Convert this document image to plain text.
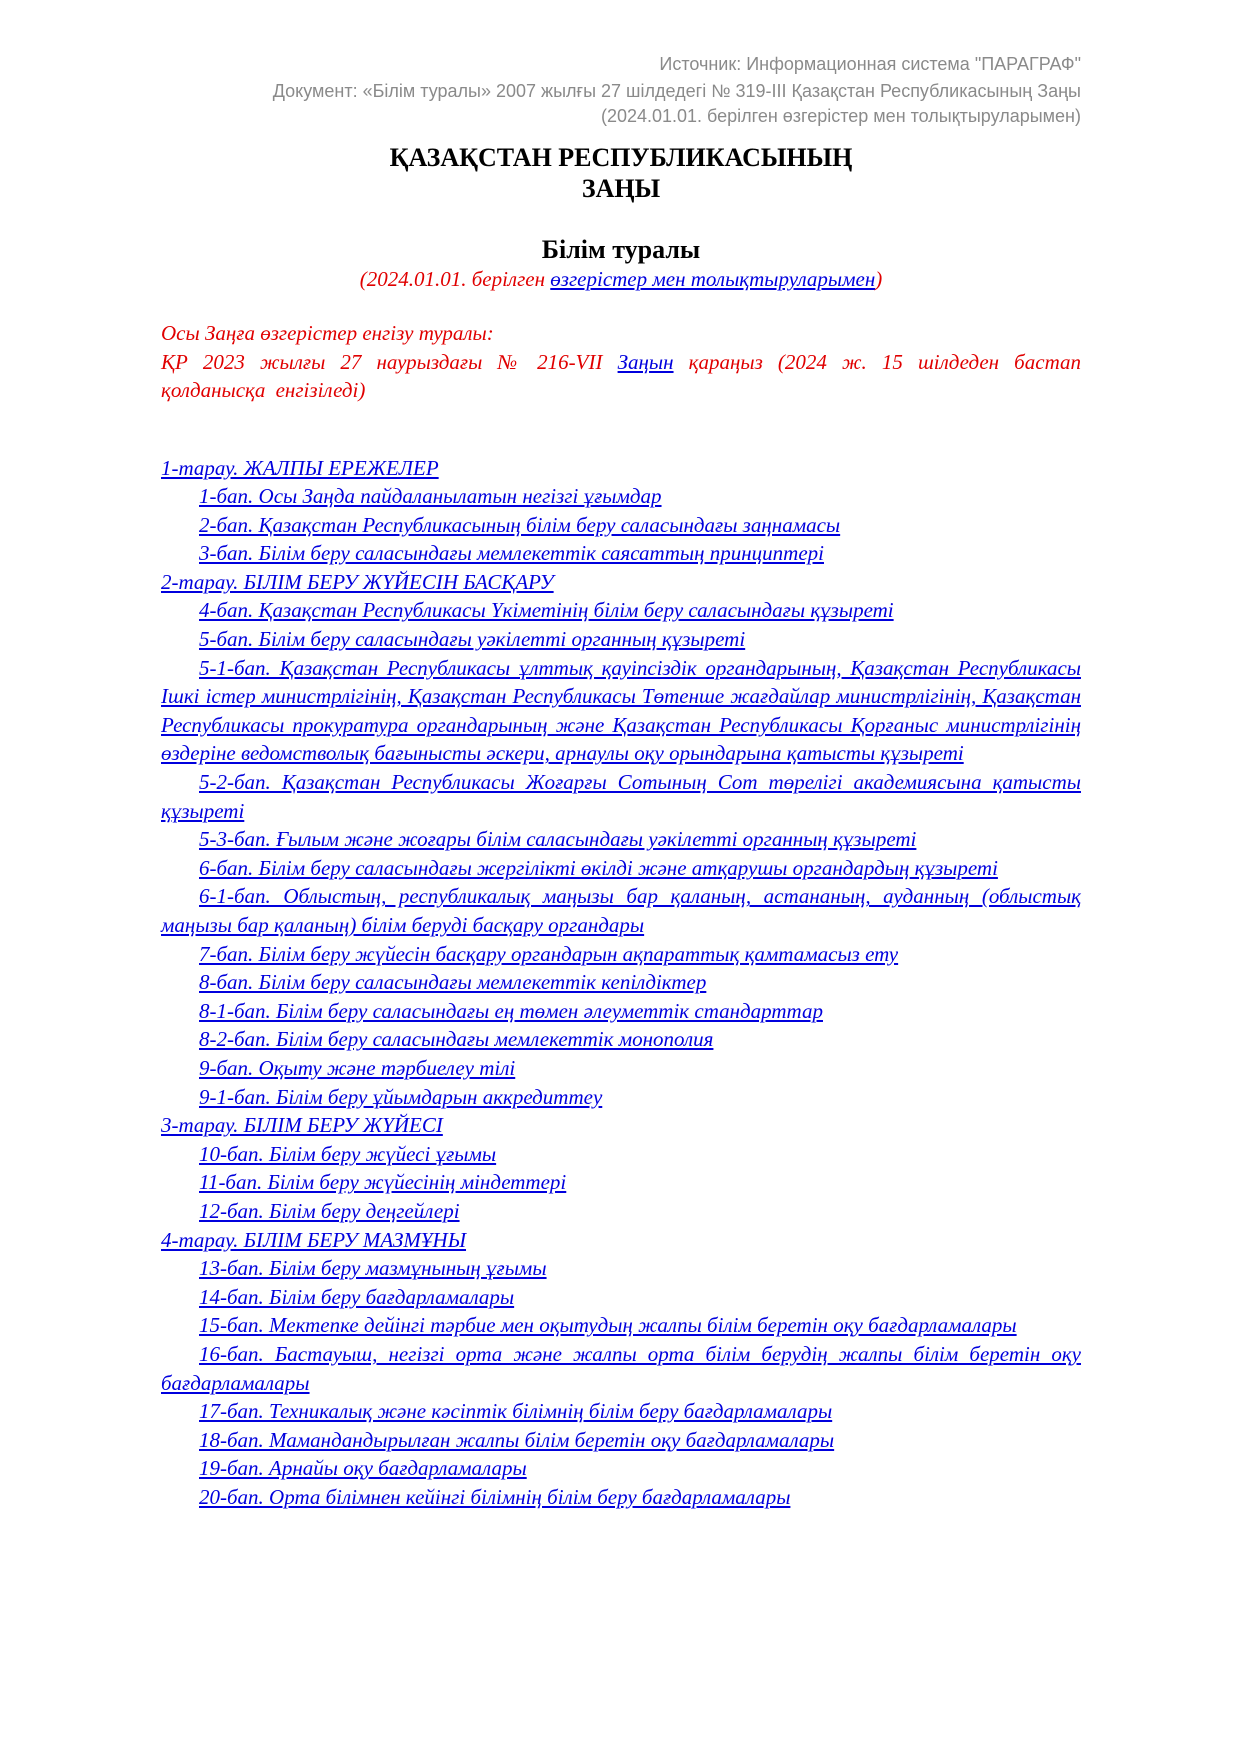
Источник: Информационная система "ПАРАГРАФ"
Документ: «Білім туралы» 2007 жылғы 27 шілдедегі № 319-III Қазақстан Республикасының Заңы
(2024.01.01. берілген өзгерістер мен толықтыруларымен)
ҚАЗАҚСТАН РЕСПУБЛИКАСЫНЫҢ
ЗАҢЫ
Білім туралы
(2024.01.01. берілген өзгерістер мен толықтыруларымен)

Осы Заңға өзгерістер енгізу туралы:

ҚР 2023 жылғы 27 наурыздағы № 216-VII Заңын қараңыз (2024 ж. 15 шілдеден бастап қолданысқа енгізіледі)

1-тарау. ЖАЛПЫ ЕРЕЖЕЛЕР

1-бап. Осы Заңда пайдаланылатын негізгі ұғымдар

2-бап. Қазақстан Республикасының білім беру саласындағы заңнамасы

3-бап. Білім беру саласындағы мемлекеттік саясаттың принциптері

2-тарау. БІЛІМ БЕРУ ЖҮЙЕСІН БАСҚАРУ

4-бап. Қазақстан Республикасы Үкіметінің білім беру саласындағы құзыреті

5-бап. Білім беру саласындағы уәкілетті органның құзыреті

5-1-бап. Қазақстан Республикасы ұлттық қауіпсіздік органдарының, Қазақстан Республикасы Ішкі істер министрлігінің, Қазақстан Республикасы Төтенше жағдайлар министрлігінің, Қазақстан Республикасы прокуратура органдарының және Қазақстан Республикасы Қорғаныс министрлігінің өздеріне ведомстволық бағынысты әскери, арнаулы оқу орындарына қатысты құзыреті

5-2-бап. Қазақстан Республикасы Жоғарғы Сотының Сот төрелігі академиясына қатысты құзыреті

5-3-бап. Ғылым және жоғары білім саласындағы уәкілетті органның құзыреті

6-бап. Білім беру саласындағы жергілікті өкілді және атқарушы органдардың құзыреті

6-1-бап. Облыстың, республикалық маңызы бар қаланың, астананың, ауданның (облыстық маңызы бар қаланың) білім беруді басқару органдары

7-бап. Білім беру жүйесін басқару органдарын ақпараттық қамтамасыз ету

8-бап. Білім беру саласындағы мемлекеттік кепілдіктер

8-1-бап. Білім беру саласындағы ең төмен әлеуметтік стандарттар

8-2-бап. Білім беру саласындағы мемлекеттік монополия

9-бап. Оқыту және тәрбиелеу тілі

9-1-бап. Білім беру ұйымдарын аккредиттеу

3-тарау. БІЛІМ БЕРУ ЖҮЙЕСІ

10-бап. Білім беру жүйесі ұғымы

11-бап. Білім беру жүйесінің міндеттері

12-бап. Білім беру деңгейлері

4-тарау. БІЛІМ БЕРУ МАЗМҰНЫ

13-бап. Білім беру мазмұнының ұғымы

14-бап. Білім беру бағдарламалары

15-бап. Мектепке дейінгі тәрбие мен оқытудың жалпы білім беретін оқу бағдарламалары

16-бап. Бастауыш, негізгі орта және жалпы орта білім берудің жалпы білім беретін оқу бағдарламалары

17-бап. Техникалық және кәсіптік білімнің білім беру бағдарламалары

18-бап. Мамандандырылған жалпы білім беретін оқу бағдарламалары

19-бап. Арнайы оқу бағдарламалары

20-бап. Орта білімнен кейінгі білімнің білім беру бағдарламалары
